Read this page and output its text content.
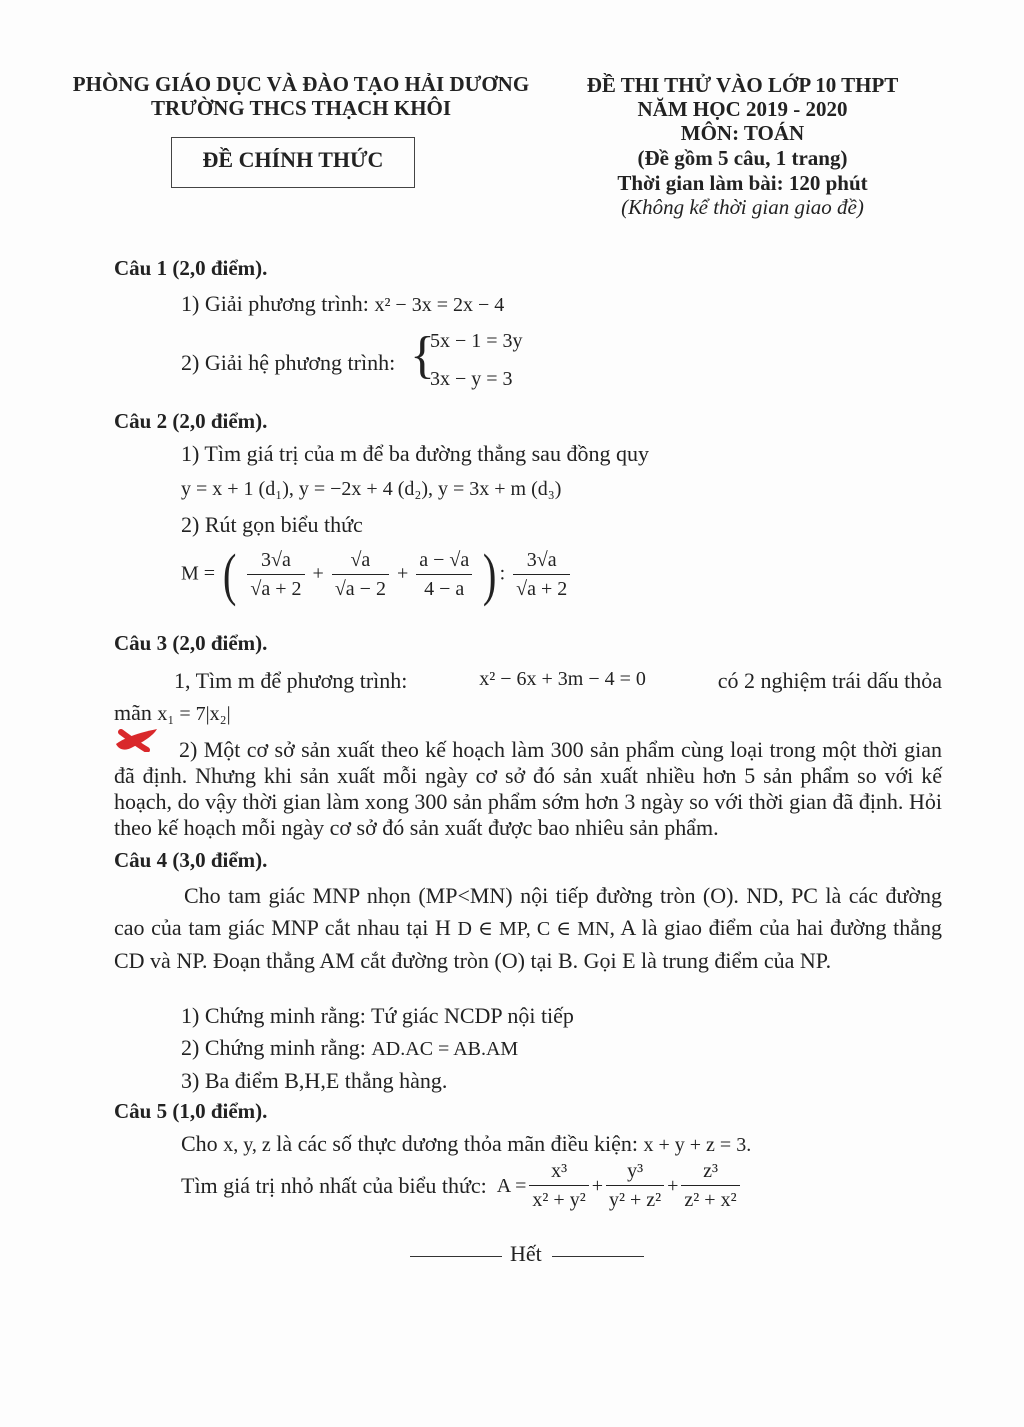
PHÒNG GIÁO DỤC VÀ ĐÀO TẠO HẢI DƯƠNG
TRƯỜNG THCS THẠCH KHÔI
ĐỀ CHÍNH THỨC
ĐỀ THI THỬ VÀO LỚP 10 THPT
NĂM HỌC 2019 - 2020
MÔN: TOÁN
(Đề gồm 5 câu, 1 trang)
Thời gian làm bài: 120 phút
(Không kể thời gian giao đề)
Câu 1 (2,0 điểm).
1) Giải phương trình: x² − 3x = 2x − 4
2) Giải hệ phương trình: {
5x − 1 = 3y
3x − y = 3
Câu 2 (2,0 điểm).
1) Tìm giá trị của m để ba đường thẳng sau đồng quy
y = x + 1 (d₁), y = −2x + 4 (d₂), y = 3x + m (d₃)
2) Rút gọn biểu thức
M = ( $\frac{3√a}{√a + 2} + \frac{√a}{√a - 2} + \frac{a - √a}{4 - a}$ ) : $\frac{3√a}{√a + 2}$
Câu 3 (2,0 điểm).
1, Tìm m để phương trình:	x² − 6x + 3m − 4 = 0	có 2 nghiệm trái dấu thỏa
mãn x₁ = 7|x₂|
2) Một cơ sở sản xuất theo kế hoạch làm 300 sản phẩm cùng loại trong một thời gian đã định. Nhưng khi sản xuất mỗi ngày cơ sở đó sản xuất nhiều hơn 5 sản phẩm so với kế hoạch, do vậy thời gian làm xong 300 sản phẩm sớm hơn 3 ngày so với thời gian đã định. Hỏi theo kế hoạch mỗi ngày cơ sở đó sản xuất được bao nhiêu sản phẩm.
Câu 4 (3,0 điểm).
Cho tam giác MNP nhọn (MP<MN) nội tiếp đường tròn (O). ND, PC là các đường cao của tam giác MNP cắt nhau tại H D ∈ MP, C ∈ MN, A là giao điểm của hai đường thẳng CD và NP. Đoạn thẳng AM cắt đường tròn (O) tại B. Gọi E là trung điểm của NP.
1) Chứng minh rằng: Tứ giác NCDP nội tiếp
2) Chứng minh rằng: AD.AC = AB.AM
3) Ba điểm B,H,E thẳng hàng.
Câu 5 (1,0 điểm).
Cho x, y, z là các số thực dương thỏa mãn điều kiện: x + y + z = 3.
Tìm giá trị nhỏ nhất của biểu thức: $A = \frac{\text{x³}}{\text{x² + y²}} + \frac{\text{y³}}{\text{y² + z²}} + \frac{\text{z³}}{\text{z² + x²}}$
Hết
